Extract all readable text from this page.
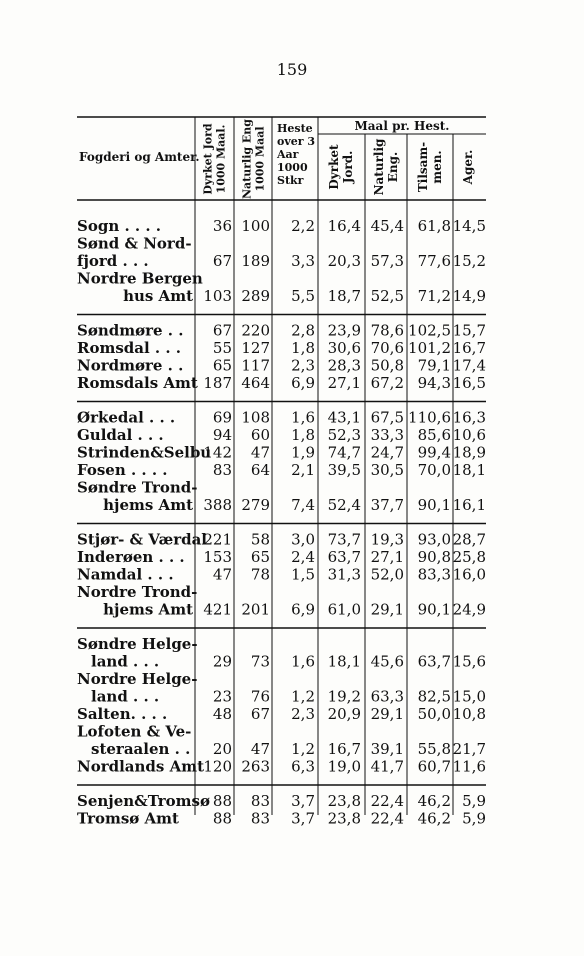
159
Fogderi og Amter. Dyrket Jord 1000 Maal. Naturlig Eng 1000 Maal Heste
over 3
Aar
1000
Stkr
Maal pr. Hest.
Dyrket Jord. Naturlig Eng. Tilsam- men. Ager.
Sogn . . . .	36 100 2,2 16,4 45,4 61,8 14,5
Sønd & Nord-
fjord . . .	67 189 3,3 20,3 57,3 77,6 15,2
Nordre Bergen
hus Amt 103 289 5,5 18,7 52,5 71,2 14,9
Søndmøre . . 67 220 2,8 23,9 78,6 102,5 15,7
Romsdal . . . 55 127 1,8 30,6 70,6 101,2 16,7
Nordmøre . . 65 117 2,3 28,3 50,8 79,1 17,4
Romsdals Amt 187 464 6,9 27,1 67,2 94,3 16,5
Ørkedal . . .	69 108 1,6 43,1 67,5 110,6 16,3
Guldal . . .	94 60 1,8 52,3 33,3 85,6 10,6
Strinden&Selbu
142 47 1,9 74,7 24,7 99,4 18,9
Fosen . . . .	83 64 2,1 39,5 30,5 70,0 18,1
Søndre Trond-
hjems Amt 388 279 7,4 52,4 37,7 90,1 16,1
Stjør- & Værdal
221 58 3,0 73,7 19,3 93,0 28,7
Inderøen . . . 153 65 2,4 63,7 27,1 90,8 25,8
Namdal . . .	47 78 1,5 31,3 52,0 83,3 16,0
Nordre Trond-
hjems Amt 421 201 6,9 61,0 29,1 90,1 24,9
Søndre Helge-
land . . .	29 73 1,6 18,1 45,6 63,7 15,6
Nordre Helge-
land . . .	23 76 1,2 19,2 63,3 82,5 15,0
Salten. . . .	48 67 2,3 20,9 29,1 50,0 10,8
Lofoten & Ve-
steraalen . . 20 47 1,2 16,7 39,1 55,8 21,7
Nordlands Amt 120 263 6,3 19,0 41,7 60,7 11,6
Senjen&Tromsø 88 83 3,7 23,8 22,4 46,2 5,9
Tromsø Amt 88 83 3,7 23,8 22,4 46,2 5,9
